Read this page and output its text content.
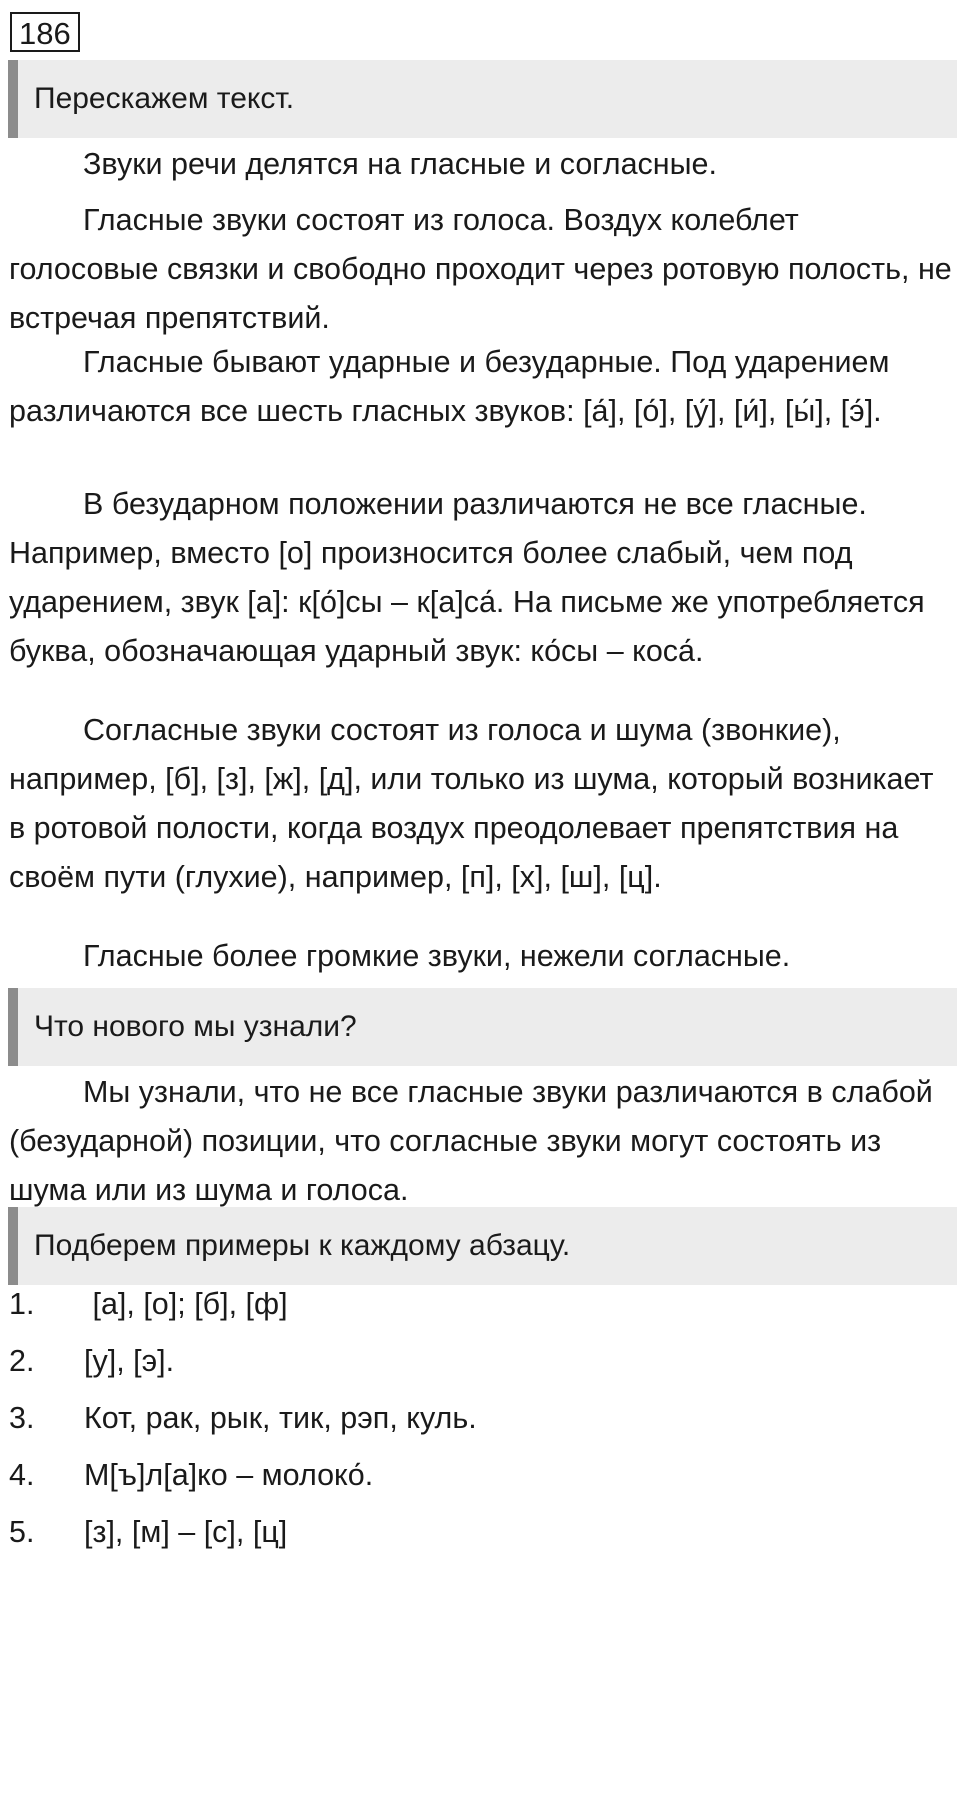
186
Перескажем текст.

Звуки речи делятся на гласные и согласные.

Гласные звуки состоят из голоса. Воздух колеблет голосовые связки и свободно проходит через ротовую полость, не встречая препятствий.

Гласные бывают ударные и безударные. Под ударением различаются все шесть гласных звуков: [а́], [о́], [у́], [и́], [ы́], [э́].

В безударном положении различаются не все гласные. Например, вместо [о] произносится более слабый, чем под ударением, звук [а]: к[о́]сы – к[а]са́. На письме же употребляется буква, обозначающая ударный звук: ко́сы – коса́.

Согласные звуки состоят из голоса и шума (звонкие), например, [б], [з], [ж], [д], или только из шума, который возникает в ротовой полости, когда воздух преодолевает препятствия на своём пути (глухие), например, [п], [х], [ш], [ц].

Гласные более громкие звуки, нежели согласные.

Что нового мы узнали?

Мы узнали, что не все гласные звуки различаются в слабой (безударной) позиции, что согласные звуки могут состоять из шума или из шума и голоса.

Подберем примеры к каждому абзацу.
1. [а], [о]; [б], [ф]
2. [у], [э].
3. Кот, рак, рык, тик, рэп, куль.
4. М[ъ]л[а]ко – молоко́.
5. [з], [м] – [с], [ц]
